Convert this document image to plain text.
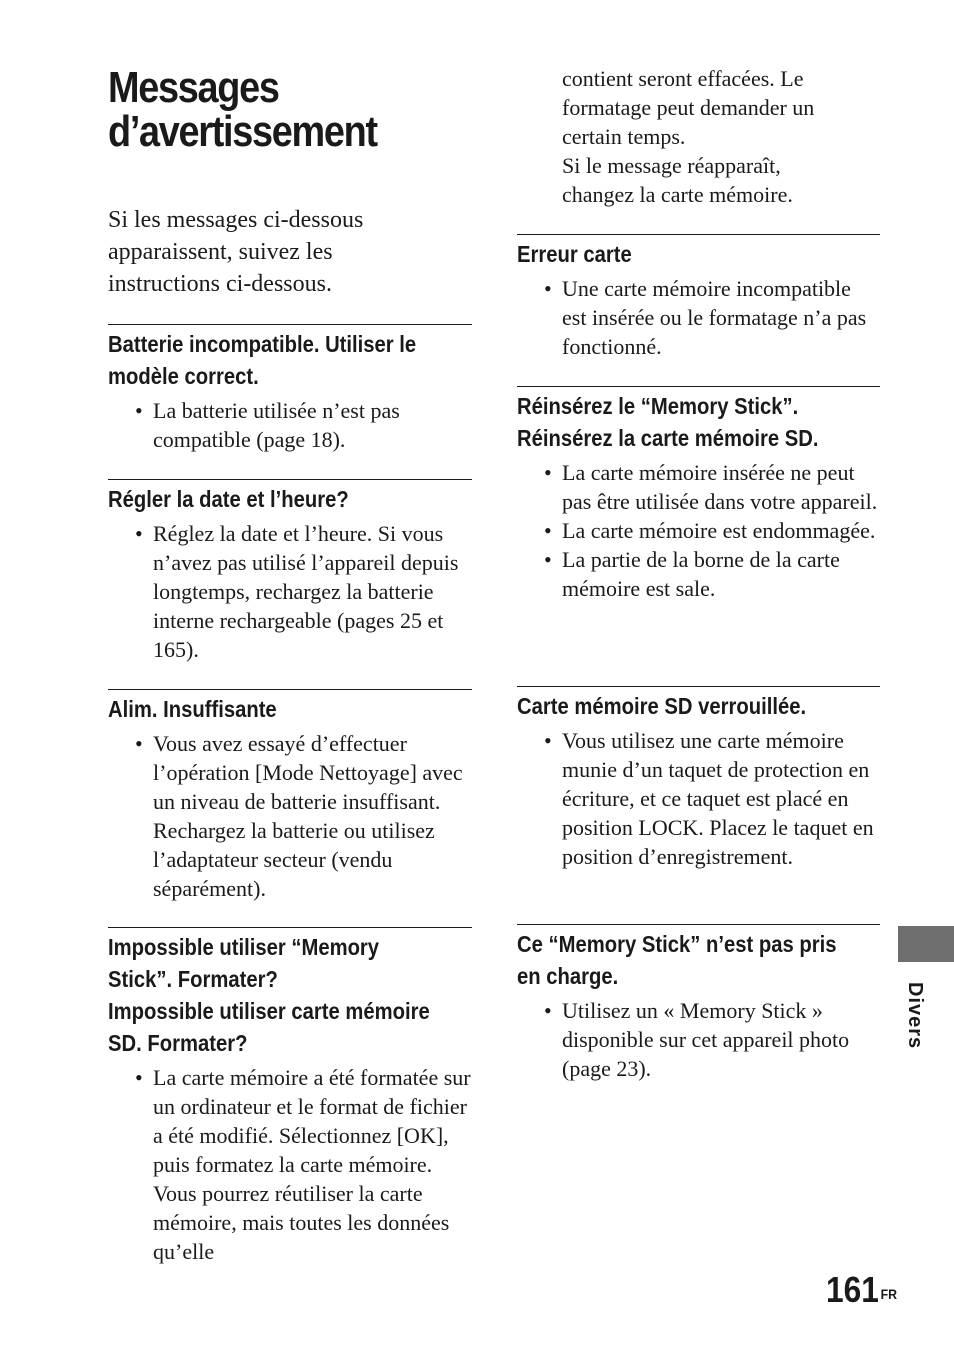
Messages
d’avertissement

Si les messages ci-dessous apparaissent, suivez les instructions ci-dessous.

Batterie incompatible. Utiliser le
modèle correct.
• La batterie utilisée n’est pas compatible (page 18).
Régler la date et l’heure?
• Réglez la date et l’heure. Si vous n’avez pas utilisé l’appareil depuis longtemps, rechargez la batterie interne rechargeable (pages 25 et 165).
Alim. Insuffisante
• Vous avez essayé d’effectuer l’opération [Mode Nettoyage] avec un niveau de batterie insuffisant. Rechargez la batterie ou utilisez l’adaptateur secteur (vendu séparément).
Impossible utiliser “Memory
Stick”. Formater?
Impossible utiliser carte mémoire
SD. Formater?
• La carte mémoire a été formatée sur un ordinateur et le format de fichier a été modifié. Sélectionnez [OK], puis formatez la carte mémoire. Vous pourrez réutiliser la carte mémoire, mais toutes les données qu’elle

contient seront effacées. Le
formatage peut demander un
certain temps.
Si le message réapparaît,
changez la carte mémoire.

Erreur carte
• Une carte mémoire incompatible est insérée ou le formatage n’a pas fonctionné.
Réinsérez le “Memory Stick”.
Réinsérez la carte mémoire SD.
• La carte mémoire insérée ne peut pas être utilisée dans votre appareil.
• La carte mémoire est endommagée.
• La partie de la borne de la carte mémoire est sale.
Carte mémoire SD verrouillée.
• Vous utilisez une carte mémoire munie d’un taquet de protection en écriture, et ce taquet est placé en position LOCK. Placez le taquet en position d’enregistrement.
Ce “Memory Stick” n’est pas pris
en charge.
• Utilisez un « Memory Stick » disponible sur cet appareil photo (page 23).
Divers
161 $^{FR}$
